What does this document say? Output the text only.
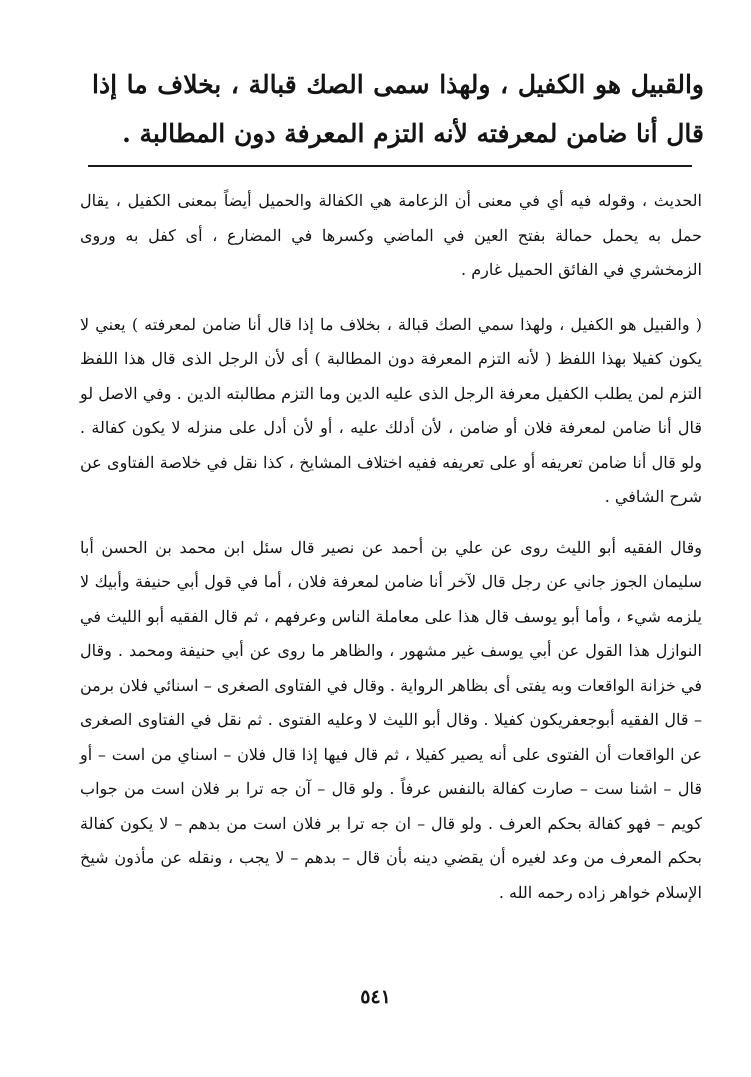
والقبيل هو الكفيل ، ولهذا سمى الصك قبالة ، بخلاف ما إذا قال أنا ضامن لمعرفته لأنه التزم المعرفة دون المطالبة .

الحديث ، وقوله فيه أي في معنى أن الزعامة هي الكفالة والحميل أيضاً بمعنى الكفيل ، يقال حمل به يحمل حمالة بفتح العين في الماضي وكسرها في المضارع ، أى كفل به وروى الزمخشري في الفائق الحميل غارم .

( والقبيل هو الكفيل ، ولهذا سمي الصك قبالة ، بخلاف ما إذا قال أنا ضامن لمعرفته ) يعني لا يكون كفيلا بهذا اللفظ ( لأنه التزم المعرفة دون المطالبة ) أى لأن الرجل الذى قال هذا اللفظ التزم لمن يطلب الكفيل معرفة الرجل الذى عليه الدين وما التزم مطالبته الدين . وفي الاصل لو قال أنا ضامن لمعرفة فلان أو ضامن ، لأن أدلك عليه ، أو لأن أدل على منزله لا يكون كفالة . ولو قال أنا ضامن تعريفه أو على تعريفه ففيه اختلاف المشايخ ، كذا نقل في خلاصة الفتاوى عن شرح الشافي .

وقال الفقيه أبو الليث روى عن علي بن أحمد عن نصير قال سئل ابن محمد بن الحسن أبا سليمان الجوز جاني عن رجل قال لآخر أنا ضامن لمعرفة فلان ، أما في قول أبي حنيفة وأبيك لا يلزمه شيء ، وأما أبو يوسف قال هذا على معاملة الناس وعرفهم ، ثم قال الفقيه أبو الليث في النوازل هذا القول عن أبي يوسف غير مشهور ، والظاهر ما روى عن أبي حنيفة ومحمد . وقال في خزانة الواقعات وبه يفتى أى بظاهر الرواية . وقال في الفتاوى الصغرى – اسنائي فلان برمن – قال الفقيه أبوجعفريكون كفيلا . وقال أبو الليث لا وعليه الفتوى . ثم نقل في الفتاوى الصغرى عن الواقعات أن الفتوى على أنه يصير كفيلا ، ثم قال فيها إذا قال فلان – اسناي من است – أو قال – اشنا ست – صارت كفالة بالنفس عرفاً . ولو قال – آن جه ترا بر فلان است من جواب كويم – فهو كفالة بحكم العرف . ولو قال – ان جه ترا بر فلان است من بدهم – لا يكون كفالة بحكم المعرف من وعد لغيره أن يقضي دينه بأن قال – بدهم – لا يجب ، ونقله عن مأذون شيخ الإسلام خواهر زاده رحمه الله .

٥٤١
